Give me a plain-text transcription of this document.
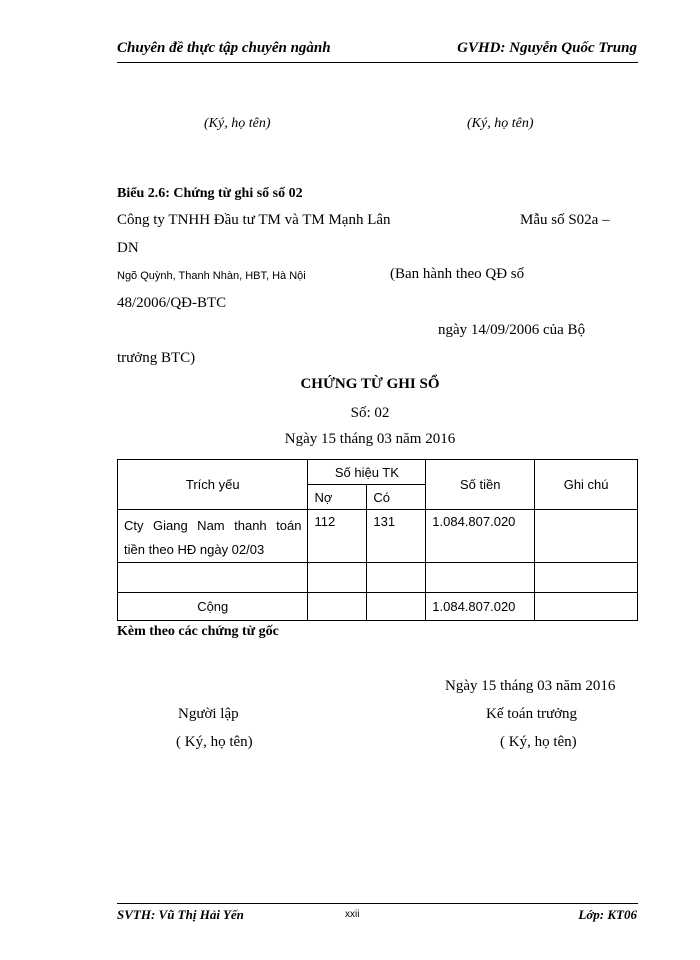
Chuyên đề thực tập chuyên ngành	GVHD: Nguyễn Quốc Trung
(Ký, họ tên)	(Ký, họ tên)
Biểu 2.6: Chứng từ ghi sổ số 02
Công ty TNHH Đầu tư TM và TM Mạnh Lân	Mẫu số S02a –
DN
Ngõ Quỳnh, Thanh Nhàn, HBT, Hà Nội	(Ban hành theo QĐ số
48/2006/QĐ-BTC
ngày 14/09/2006 của Bộ
trưởng BTC)
CHỨNG TỪ GHI SỔ
Số: 02
Ngày 15 tháng 03 năm 2016
Trích yếu	Số hiệu TK		Số tiền	Ghi chú
	Nợ	Có		

Cty Giang Nam thanh toán
tiền theo HĐ ngày 02/03	112	131	1.084.807.020	

Cộng			1.084.807.020	
Kèm theo các chứng từ gốc
Ngày 15 tháng 03 năm 2016
Người lập	Kế toán trưởng
( Ký, họ tên)	( Ký, họ tên)
SVTH: Vũ Thị Hải Yến	xxii	Lớp: KT06
